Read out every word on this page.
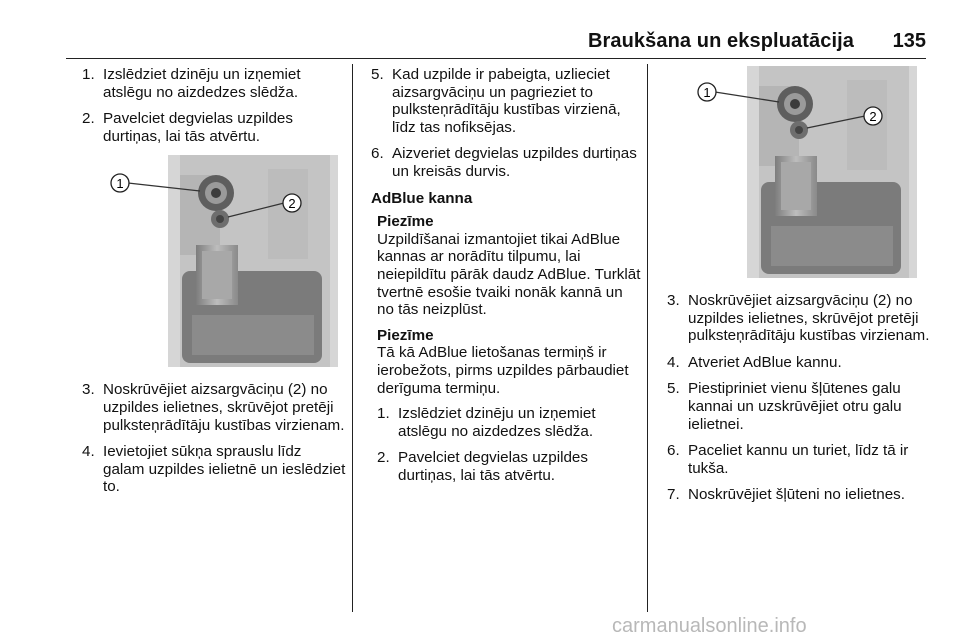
Braukšana un ekspluatācija 135
1. Izslēdziet dzinēju un izņemiet atslēgu no aizdedzes slēdža.
2. Pavelciet degvielas uzpildes durtiņas, lai tās atvērtu.
1
2
3. Noskrūvējiet aizsargvāciņu (2) no uzpildes ielietnes, skrūvējot pretēji pulksteņrādītāju kustības virzienam.
4. Ievietojiet sūkņa sprauslu līdz galam uzpildes ielietnē un ieslēdziet to.
5. Kad uzpilde ir pabeigta, uzlieciet aizsargvāciņu un pagrieziet to pulksteņrādītāju kustības virzienā, līdz tas nofiksējas.
6. Aizveriet degvielas uzpildes durtiņas un kreisās durvis.
AdBlue kanna
Piezīme
Uzpildīšanai izmantojiet tikai AdBlue kannas ar norādītu tilpumu, lai neiepildītu pārāk daudz AdBlue. Turklāt tvertnē esošie tvaiki nonāk kannā un no tās neizplūst.
Piezīme
Tā kā AdBlue lietošanas termiņš ir ierobežots, pirms uzpildes pārbaudiet derīguma termiņu.
1. Izslēdziet dzinēju un izņemiet atslēgu no aizdedzes slēdža.
2. Pavelciet degvielas uzpildes durtiņas, lai tās atvērtu.
1
2
3. Noskrūvējiet aizsargvāciņu (2) no uzpildes ielietnes, skrūvējot pretēji pulksteņrādītāju kustības virzienam.
4. Atveriet AdBlue kannu.
5. Piestipriniet vienu šļūtenes galu kannai un uzskrūvējiet otru galu ielietnei.
6. Paceliet kannu un turiet, līdz tā ir tukša.
7. Noskrūvējiet šļūteni no ielietnes.
carmanualsonline.info
